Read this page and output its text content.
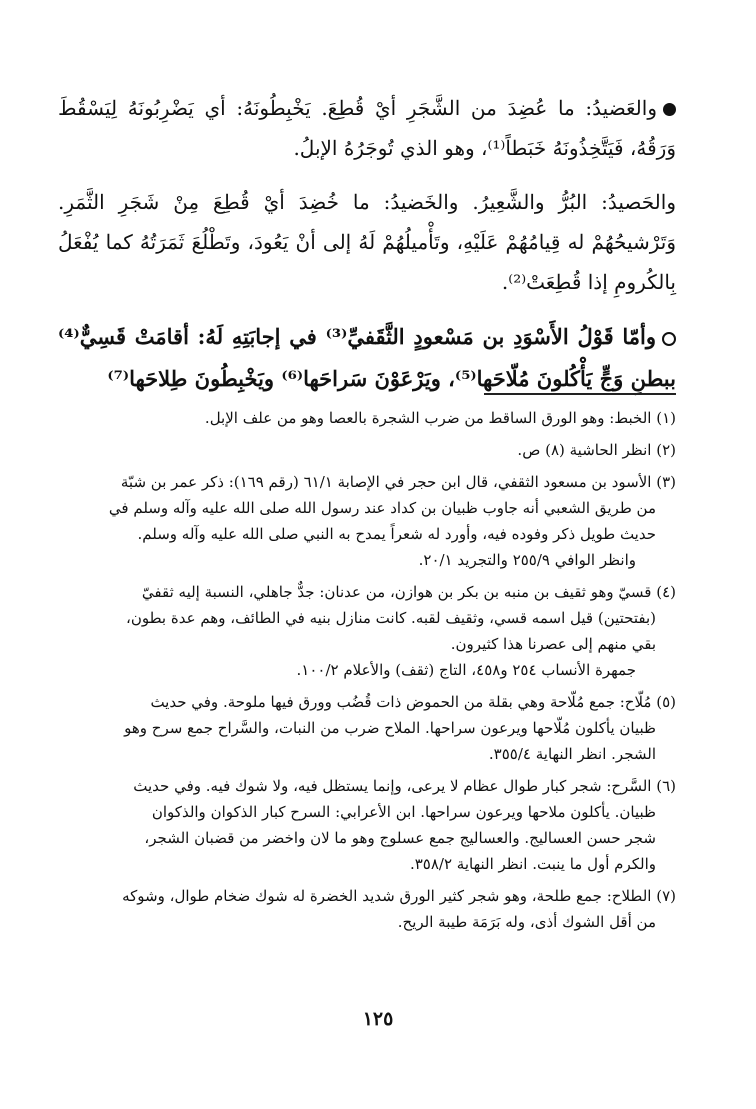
والعَضيدُ: ما عُضِدَ من الشَّجَرِ أيْ قُطِعَ. يَخْبِطُونَهُ: أي يَضْرِبُونَهُ لِيَسْقُطَ وَرَقُهُ، فَيَتَّخِذُونَهُ خَبَطاً⁽¹⁾، وهو الذي تُوجَرُهُ الإبلُ.

والحَصيدُ: البُرُّ والشَّعِيرُ. والخَضيدُ: ما خُضِدَ أيْ قُطِعَ مِنْ شَجَرِ الثَّمَرِ. وَتَرْشيحُهُمْ له قِيامُهُمْ عَلَيْهِ، وتَأْميلُهُمْ لَهُ إلى أنْ يَعُودَ، وتَطْلُعَ ثَمَرَتُهُ كما يُفْعَلُ بِالكُرومِ إذا قُطِعَتْ⁽²⁾.

وأمّا قَوْلُ الأَسْوَدِ بن مَسْعودٍ الثَّقَفيِّ⁽³⁾ في إجابَتِهِ لَهُ: أقامَتْ قَسِيٌّ⁽⁴⁾ ببطنِ وَجٍّ يَأْكُلونَ مُلّاحَها⁽⁵⁾، ويَرْعَوْنَ سَراحَها⁽⁶⁾ ويَخْبِطُونَ طِلاحَها⁽⁷⁾

(١) الخبط: وهو الورق الساقط من ضرب الشجرة بالعصا وهو من علف الإبل.
(٢) انظر الحاشية (٨) ص.
(٣) الأسود بن مسعود الثقفي، قال ابن حجر في الإصابة ٦١/١ (رقم ١٦٩): ذكر عمر بن شبّة
من طريق الشعبي أنه جاوب ظبيان بن كداد عند رسول الله صلى الله عليه وآله وسلم في
حديث طويل ذكر وفوده فيه، وأورد له شعراً يمدح به النبي صلى الله عليه وآله وسلم.
وانظر الوافي ٢٥٥/٩ والتجريد ٢٠/١.
(٤) قسيّ وهو ثقيف بن منبه بن بكر بن هوازن، من عدنان: جدٌّ جاهلي، النسبة إليه ثقفيّ
(بفتحتين) قيل اسمه قسي، وثقيف لقبه. كانت منازل بنيه في الطائف، وهم عدة بطون،
بقي منهم إلى عصرنا هذا كثيرون.
جمهرة الأنساب ٢٥٤ و٤٥٨، التاج (ثقف) والأعلام ١٠٠/٢.
(٥) مُلّاح: جمع مُلّاحة وهي بقلة من الحموض ذات قُضُب وورق فيها ملوحة. وفي حديث
ظبيان يأكلون مُلّاحها ويرعون سراحها. الملاح ضرب من النبات، والسَّراح جمع سرح وهو
الشجر. انظر النهاية ٣٥٥/٤.
(٦) السَّرح: شجر كبار طوال عظام لا يرعى، وإنما يستظل فيه، ولا شوك فيه. وفي حديث
ظبيان. يأكلون ملاحها ويرعون سراحها. ابن الأعرابي: السرح كبار الذكوان والذكوان
شجر حسن العساليج. والعساليج جمع عسلوج وهو ما لان واخضر من قضبان الشجر،
والكرم أول ما ينبت. انظر النهاية ٣٥٨/٢.
(٧) الطلاح: جمع طلحة، وهو شجر كثير الورق شديد الخضرة له شوك ضخام طوال، وشوكه
من أقل الشوك أذى، وله بَرَمَة طيبة الريح.
١٢٥
